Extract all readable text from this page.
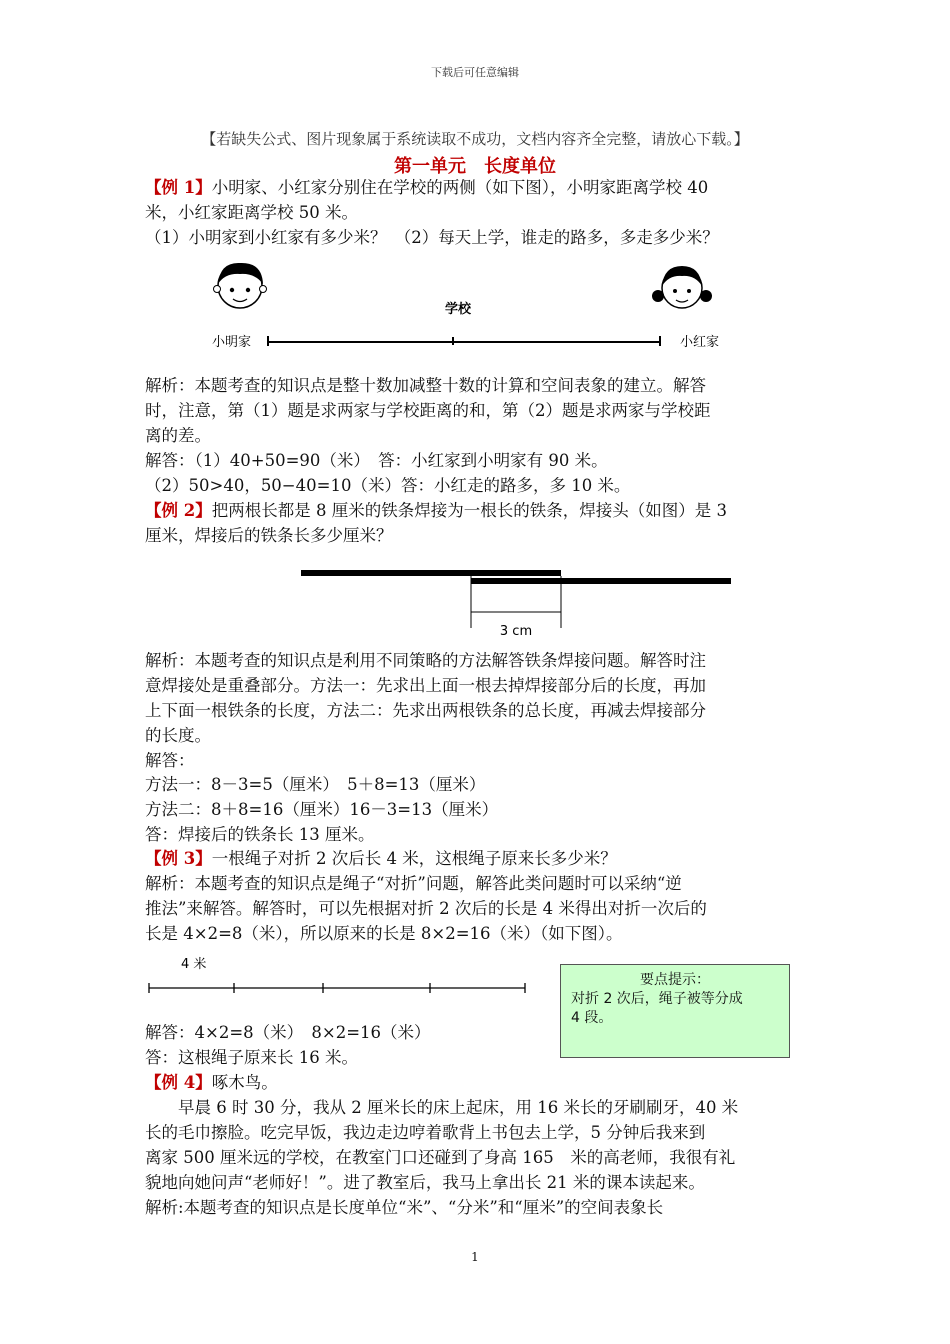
下载后可任意编辑
【若缺失公式、图片现象属于系统读取不成功，文档内容齐全完整，请放心下载。】
第一单元　长度单位

【例 1】小明家、小红家分别住在学校的两侧（如下图），小明家距离学校 40

米，小红家距离学校 50 米。

（1）小明家到小红家有多少米？　（2）每天上学，谁走的路多，多走多少米？

学校
小明家	小红家

解析：本题考查的知识点是整十数加减整十数的计算和空间表象的建立。解答

时，注意，第（1）题是求两家与学校距离的和，第（2）题是求两家与学校距

离的差。

解答：（1）40+50=90（米）　答：小红家到小明家有 90 米。

（2）50>40，50−40=10（米）答：小红走的路多，多 10 米。

【例 2】把两根长都是 8 厘米的铁条焊接为一根长的铁条，焊接头（如图）是 3

厘米，焊接后的铁条长多少厘米？

3 cm

解析：本题考查的知识点是利用不同策略的方法解答铁条焊接问题。解答时注

意焊接处是重叠部分。方法一：先求出上面一根去掉焊接部分后的长度，再加

上下面一根铁条的长度，方法二：先求出两根铁条的总长度，再减去焊接部分

的长度。

解答：

方法一：8－3=5（厘米）　5＋8=13（厘米）

方法二：8＋8=16（厘米）16－3=13（厘米）

答：焊接后的铁条长 13 厘米。

【例 3】一根绳子对折 2 次后长 4 米，这根绳子原来长多少米？

解析：本题考查的知识点是绳子“对折”问题，解答此类问题时可以采纳“逆

推法”来解答。解答时，可以先根据对折 2 次后的长是 4 米得出对折一次后的

长是 4×2=8（米），所以原来的长是 8×2=16（米）（如下图）。

4 米
要点提示：
对折 2 次后，绳子被等分成
4 段。

解答：4×2=8（米）　8×2=16（米）

答：这根绳子原来长 16 米。

【例 4】啄木鸟。

　　早晨 6 时 30 分，我从 2 厘米长的床上起床，用 16 米长的牙刷刷牙，40 米

长的毛巾擦脸。吃完早饭，我边走边哼着歌背上书包去上学，5 分钟后我来到

离家 500 厘米远的学校，在教室门口还碰到了身高 165　米的高老师，我很有礼

貌地向她问声“老师好！”。进了教室后，我马上拿出长 21 米的课本读起来。

解析:本题考查的知识点是长度单位“米”、“分米”和“厘米”的空间表象长

1
